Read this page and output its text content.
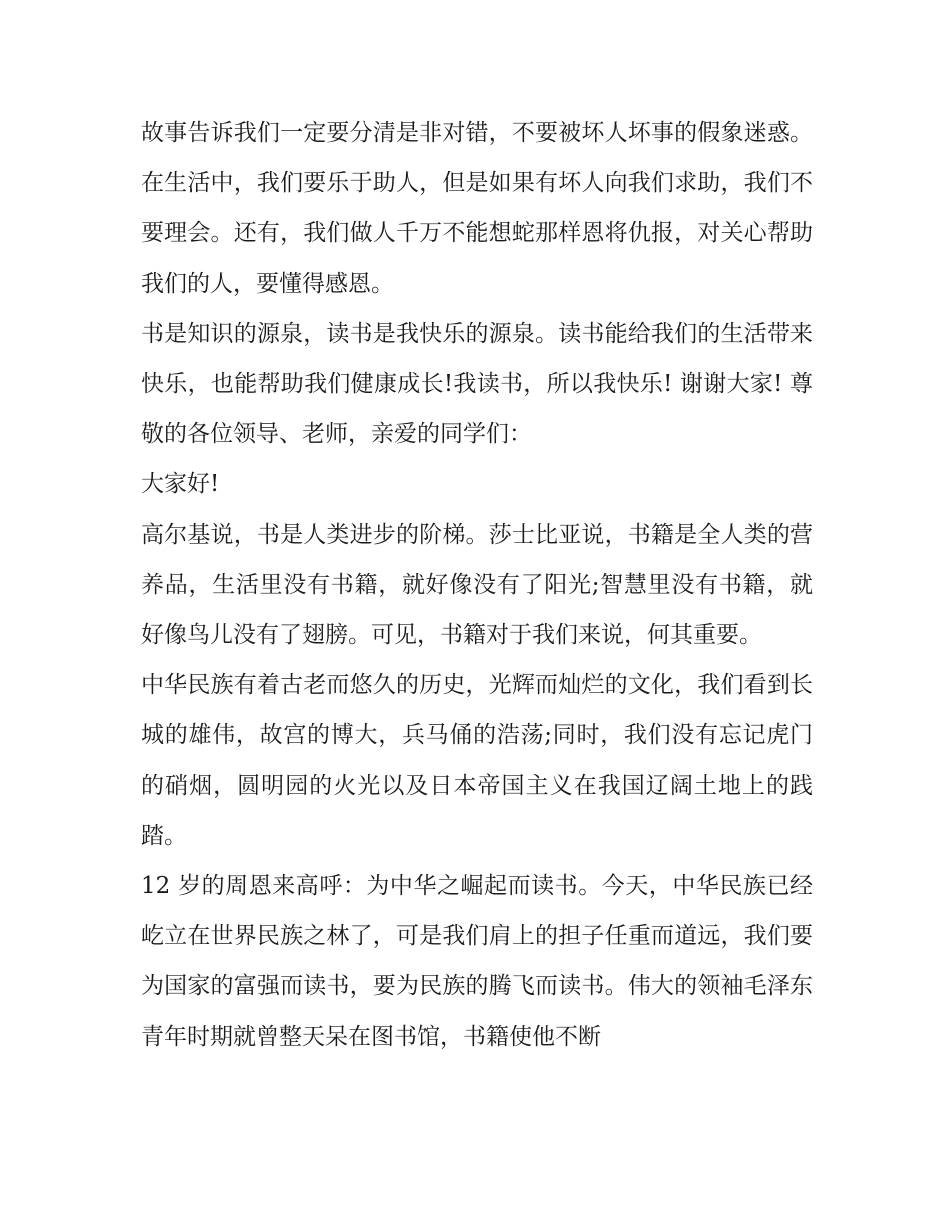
故事告诉我们一定要分清是非对错，不要被坏人坏事的假象迷惑。在生活中，我们要乐于助人，但是如果有坏人向我们求助，我们不要理会。还有，我们做人千万不能想蛇那样恩将仇报，对关心帮助我们的人，要懂得感恩。

书是知识的源泉，读书是我快乐的源泉。读书能给我们的生活带来快乐，也能帮助我们健康成长!我读书，所以我快乐! 谢谢大家! 尊敬的各位领导、老师，亲爱的同学们：

大家好!

高尔基说，书是人类进步的阶梯。莎士比亚说，书籍是全人类的营养品，生活里没有书籍，就好像没有了阳光;智慧里没有书籍，就好像鸟儿没有了翅膀。可见，书籍对于我们来说，何其重要。

中华民族有着古老而悠久的历史，光辉而灿烂的文化，我们看到长城的雄伟，故宫的博大，兵马俑的浩荡;同时，我们没有忘记虎门的硝烟，圆明园的火光以及日本帝国主义在我国辽阔土地上的践踏。

12 岁的周恩来高呼：为中华之崛起而读书。今天，中华民族已经屹立在世界民族之林了，可是我们肩上的担子任重而道远，我们要为国家的富强而读书，要为民族的腾飞而读书。伟大的领袖毛泽东青年时期就曾整天呆在图书馆，书籍使他不断
